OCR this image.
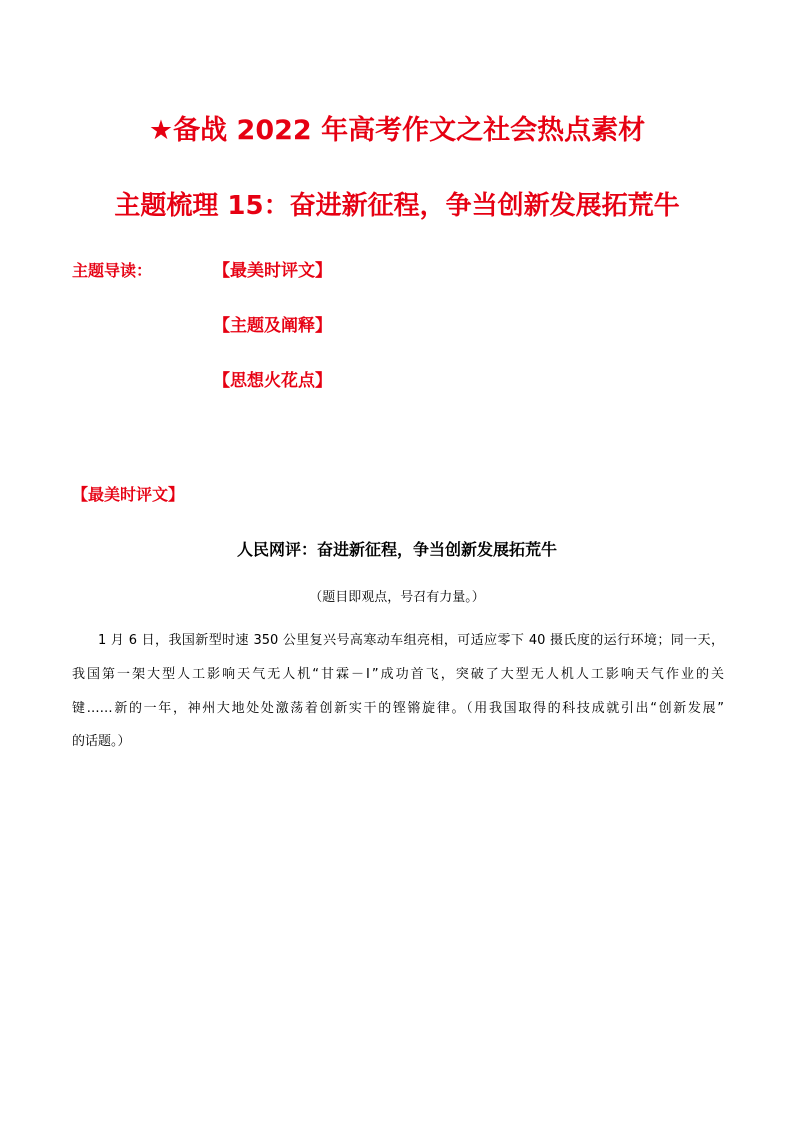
★备战 2022 年高考作文之社会热点素材
主题梳理 15：奋进新征程，争当创新发展拓荒牛
主题导读：	【最美时评文】
【主题及阐释】
【思想火花点】
【最美时评文】
人民网评：奋进新征程，争当创新发展拓荒牛
（题目即观点，号召有力量。）
1 月 6 日，我国新型时速 350 公里复兴号高寒动车组亮相，可适应零下 40 摄氏度的运行环境；同一天，
我国第一架大型人工影响天气无人机“甘霖－Ⅰ”成功首飞，突破了大型无人机人工影响天气作业的关
键……新的一年，神州大地处处激荡着创新实干的铿锵旋律。（用我国取得的科技成就引出“创新发展”
的话题。）
